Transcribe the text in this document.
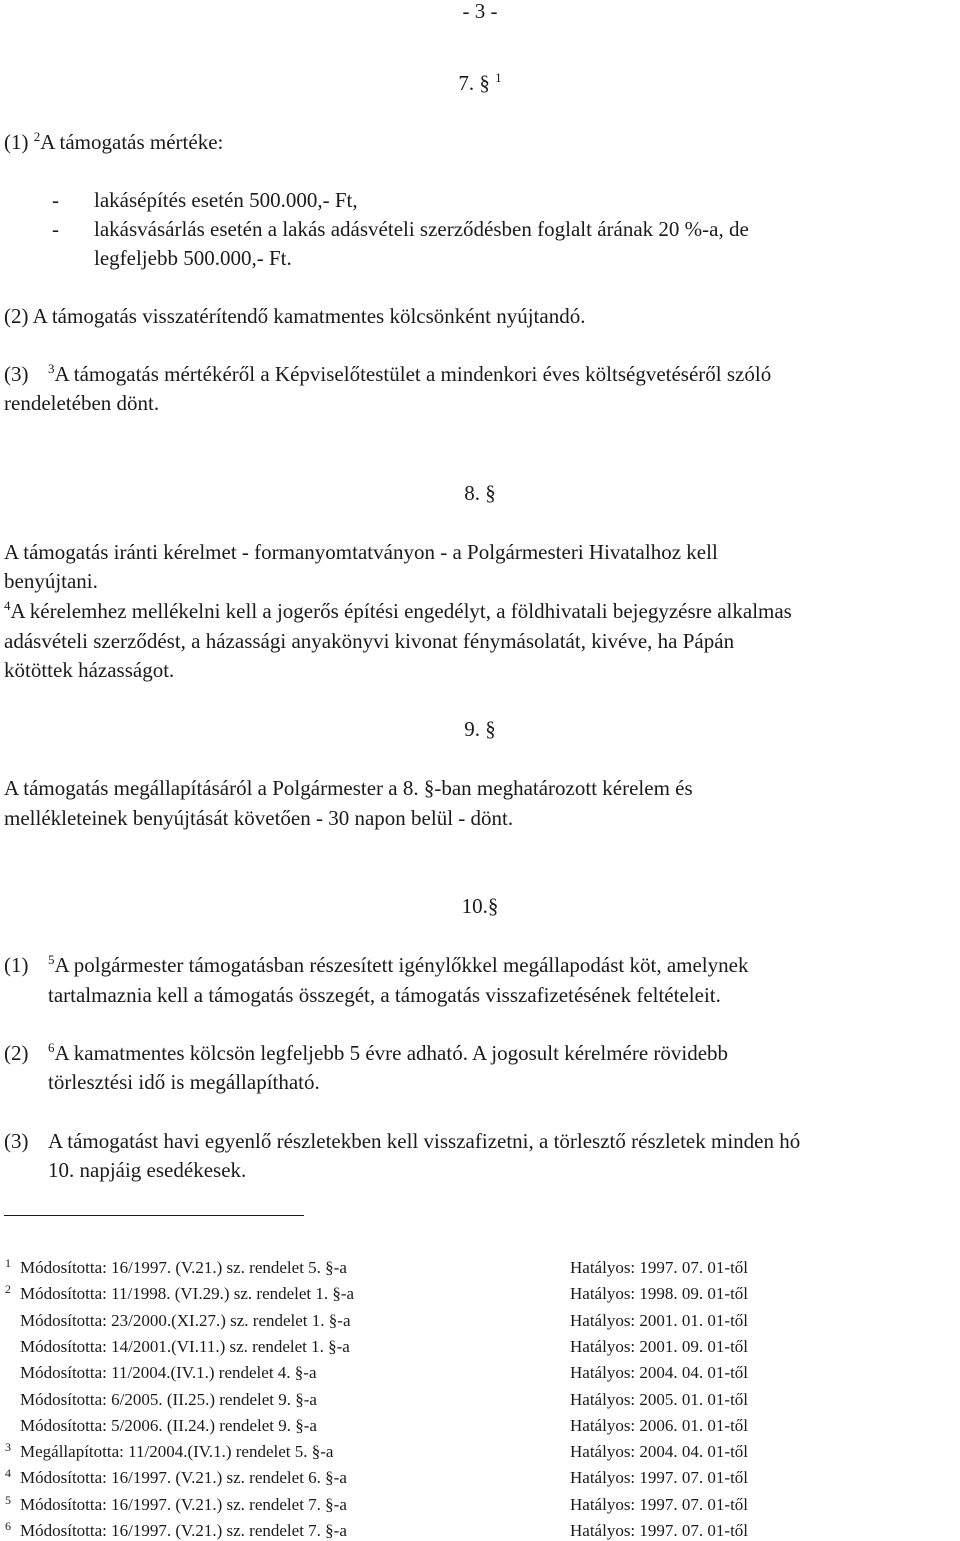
- 3 -
7. § $^1$
(1) $^2$A támogatás mértéke:
- lakásépítés esetén 500.000,- Ft,
- lakásvásárlás esetén a lakás adásvételi szerződésben foglalt árának 20 %-a, de
legfeljebb 500.000,- Ft.
(2) A támogatás visszatérítendő kamatmentes kölcsönként nyújtandó.
(3) $^3$A támogatás mértékéről a Képviselőtestület a mindenkori éves költségvetéséről szóló
rendeletében dönt.
8. §
A támogatás iránti kérelmet - formanyomtatványon - a Polgármesteri Hivatalhoz kell
benyújtani.
$^4$A kérelemhez mellékelni kell a jogerős építési engedélyt, a földhivatali bejegyzésre alkalmas
adásvételi szerződést, a házassági anyakönyvi kivonat fénymásolatát, kivéve, ha Pápán
kötöttek házasságot.
9. §
A támogatás megállapításáról a Polgármester a 8. §-ban meghatározott kérelem és
mellékleteinek benyújtását követően - 30 napon belül - dönt.
10.§
(1) $^5$A polgármester támogatásban részesített igénylőkkel megállapodást köt, amelynek
tartalmaznia kell a támogatás összegét, a támogatás visszafizetésének feltételeit.
(2) $^6$A kamatmentes kölcsön legfeljebb 5 évre adható. A jogosult kérelmére rövidebb
törlesztési idő is megállapítható.
(3) A támogatást havi egyenlő részletekben kell visszafizetni, a törlesztő részletek minden hó
10. napjáig esedékesek.
1 Módosította: 16/1997. (V.21.) sz. rendelet 5. §-a	Hatályos: 1997. 07. 01-től
2 Módosította: 11/1998. (VI.29.) sz. rendelet 1. §-a	Hatályos: 1998. 09. 01-től
Módosította: 23/2000.(XI.27.) sz. rendelet 1. §-a	Hatályos: 2001. 01. 01-től
Módosította: 14/2001.(VI.11.) sz. rendelet 1. §-a	Hatályos: 2001. 09. 01-től
Módosította: 11/2004.(IV.1.) rendelet 4. §-a	Hatályos: 2004. 04. 01-től
Módosította: 6/2005. (II.25.) rendelet 9. §-a	Hatályos: 2005. 01. 01-től
Módosította: 5/2006. (II.24.) rendelet 9. §-a	Hatályos: 2006. 01. 01-től
3 Megállapította: 11/2004.(IV.1.) rendelet 5. §-a	Hatályos: 2004. 04. 01-től
4 Módosította: 16/1997. (V.21.) sz. rendelet 6. §-a	Hatályos: 1997. 07. 01-től
5 Módosította: 16/1997. (V.21.) sz. rendelet 7. §-a	Hatályos: 1997. 07. 01-től
6 Módosította: 16/1997. (V.21.) sz. rendelet 7. §-a	Hatályos: 1997. 07. 01-től
